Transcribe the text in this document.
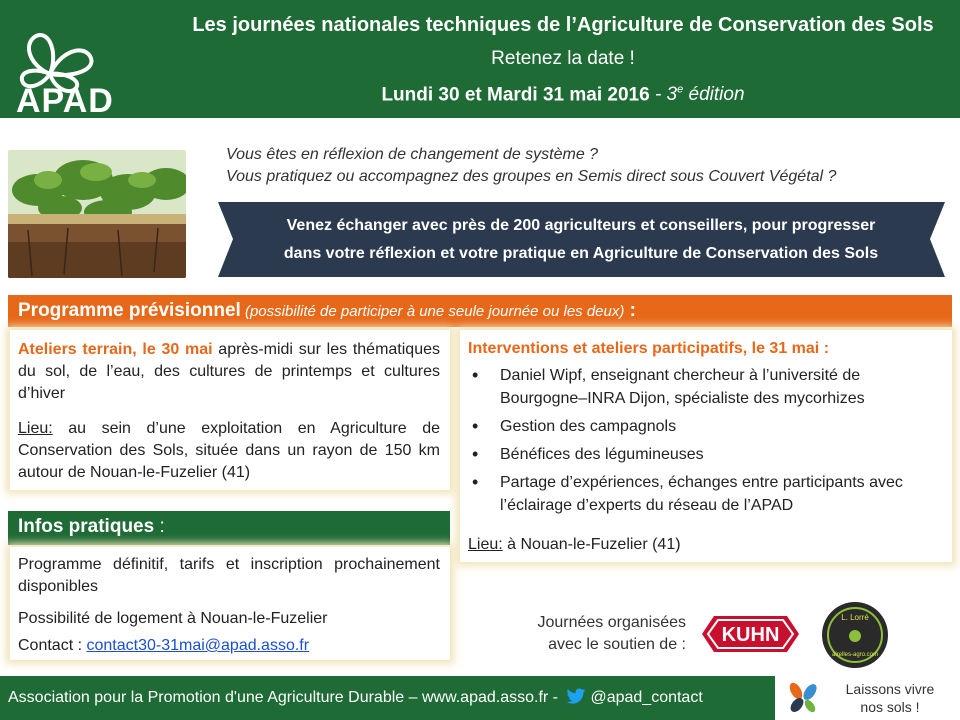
APAD
Les journées nationales techniques de l’Agriculture de Conservation des Sols
Retenez la date !
Lundi 30 et Mardi 31 mai 2016 - 3e édition
Vous êtes en réflexion de changement de système ?
Vous pratiquez ou accompagnez des groupes en Semis direct sous Couvert Végétal ?
Venez échanger avec près de 200 agriculteurs et conseillers, pour progresser
dans votre réflexion et votre pratique en Agriculture de Conservation des Sols
Programme prévisionnel (possibilité de participer à une seule journée ou les deux) :
Ateliers terrain, le 30 mai après-midi sur les thématiques du sol, de l’eau, des cultures de printemps et cultures d’hiver
Lieu: au sein d’une exploitation en Agriculture de Conservation des Sols, située dans un rayon de 150 km autour de Nouan-le-Fuzelier (41)
Interventions et ateliers participatifs, le 31 mai :
• Daniel Wipf, enseignant chercheur à l’université de Bourgogne–INRA Dijon, spécialiste des mycorhizes
• Gestion des campagnols
• Bénéfices des légumineuses
• Partage d’expériences, échanges entre participants avec l’éclairage d’experts du réseau de l’APAD
Lieu: à Nouan-le-Fuzelier (41)
Infos pratiques :
Programme définitif, tarifs et inscription prochainement disponibles
Possibilité de logement à Nouan-le-Fuzelier
Contact : contact30-31mai@apad.asso.fr
Journées organisées
avec le soutien de : KUHN
L. Lorré
airelles-agro.com
Association pour la Promotion d'une Agriculture Durable – www.apad.asso.fr - @apad_contact	Laissons vivre
nos sols !
